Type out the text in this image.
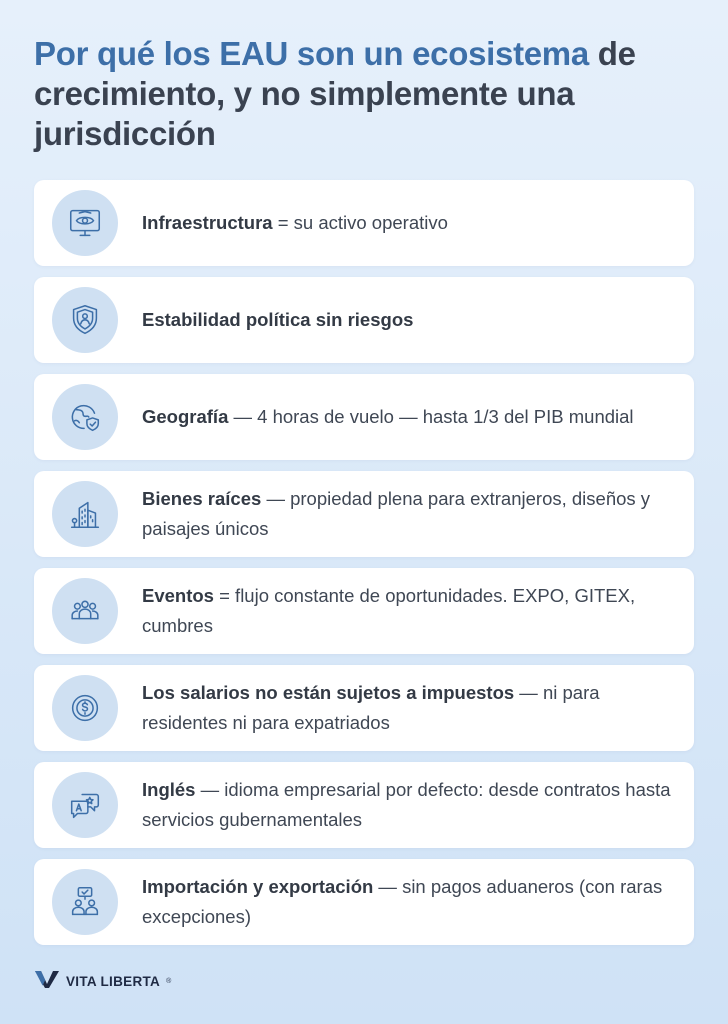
Por qué los EAU son un ecosistema de crecimiento, y no simplemente una jurisdicción

Infraestructura = su activo operativo

Estabilidad política sin riesgos

Geografía — 4 horas de vuelo — hasta 1/3 del PIB mundial

Bienes raíces — propiedad plena para extranjeros, diseños y paisajes únicos

Eventos = flujo constante de oportunidades. EXPO, GITEX, cumbres

Los salarios no están sujetos a impuestos — ni para residentes ni para expatriados

Inglés — idioma empresarial por defecto: desde contratos hasta servicios gubernamentales

Importación y exportación — sin pagos aduaneros (con raras excepciones)

VITA LIBERTA ®
